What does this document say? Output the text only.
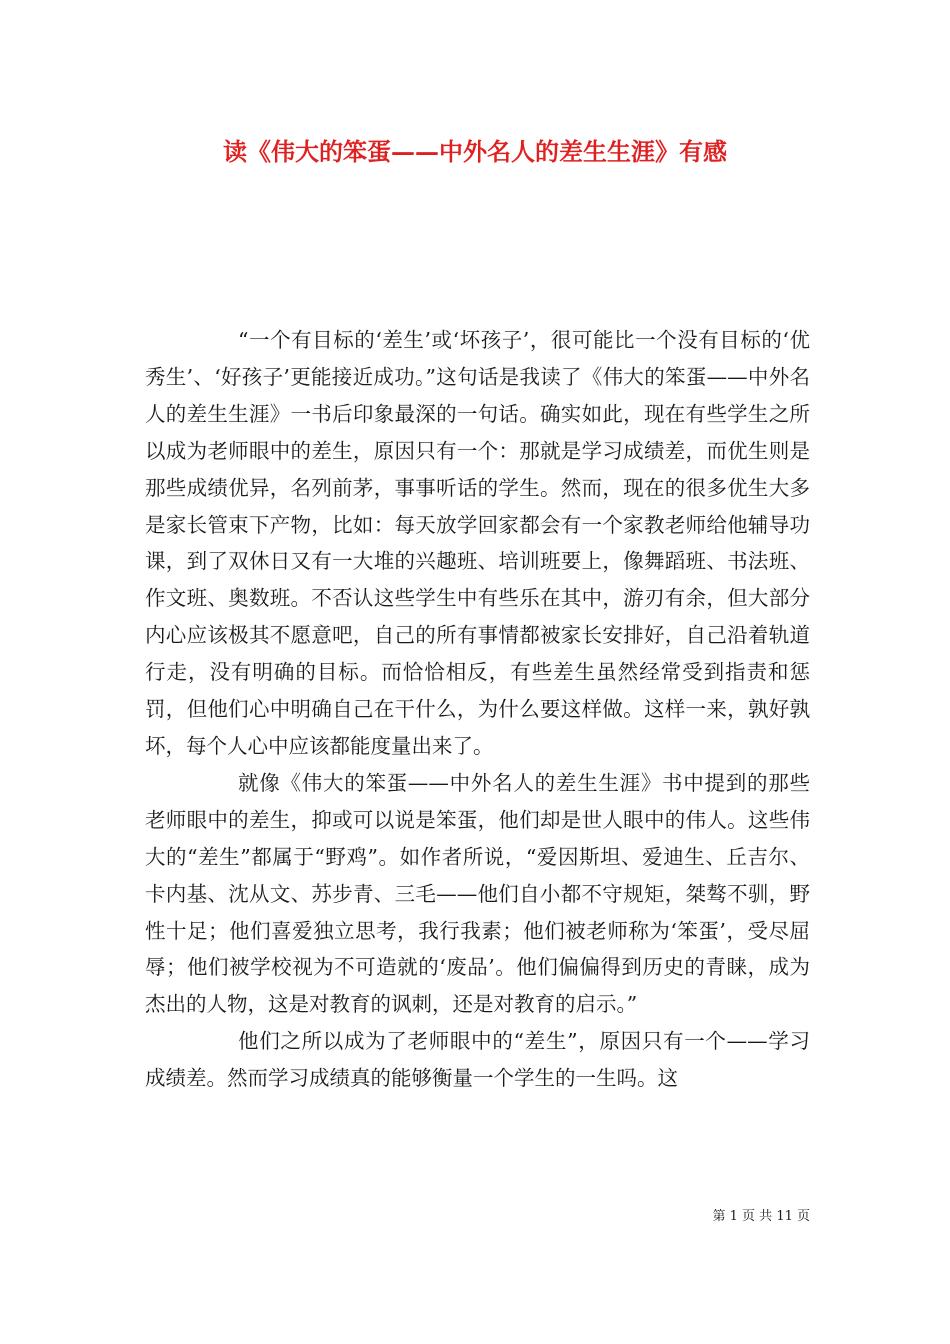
读《伟大的笨蛋——中外名人的差生生涯》有感

“一个有目标的‘差生’或‘坏孩子’，很可能比一个没有目标的‘优秀生’、‘好孩子’更能接近成功。”这句话是我读了《伟大的笨蛋——中外名人的差生生涯》一书后印象最深的一句话。确实如此，现在有些学生之所以成为老师眼中的差生，原因只有一个：那就是学习成绩差，而优生则是那些成绩优异，名列前茅，事事听话的学生。然而，现在的很多优生大多是家长管束下产物，比如：每天放学回家都会有一个家教老师给他辅导功课，到了双休日又有一大堆的兴趣班、培训班要上，像舞蹈班、书法班、作文班、奥数班。不否认这些学生中有些乐在其中，游刃有余，但大部分内心应该极其不愿意吧，自己的所有事情都被家长安排好，自己沿着轨道行走，没有明确的目标。而恰恰相反，有些差生虽然经常受到指责和惩罚，但他们心中明确自己在干什么，为什么要这样做。这样一来，孰好孰坏，每个人心中应该都能度量出来了。

就像《伟大的笨蛋——中外名人的差生生涯》书中提到的那些老师眼中的差生，抑或可以说是笨蛋，他们却是世人眼中的伟人。这些伟大的“差生”都属于“野鸡”。如作者所说，“爱因斯坦、爱迪生、丘吉尔、卡内基、沈从文、苏步青、三毛——他们自小都不守规矩，桀骜不驯，野性十足；他们喜爱独立思考，我行我素；他们被老师称为‘笨蛋’，受尽屈辱；他们被学校视为不可造就的‘废品’。他们偏偏得到历史的青睐，成为杰出的人物，这是对教育的讽刺，还是对教育的启示。”

他们之所以成为了老师眼中的“差生”，原因只有一个——学习成绩差。然而学习成绩真的能够衡量一个学生的一生吗。这

第 1 页 共 11 页
